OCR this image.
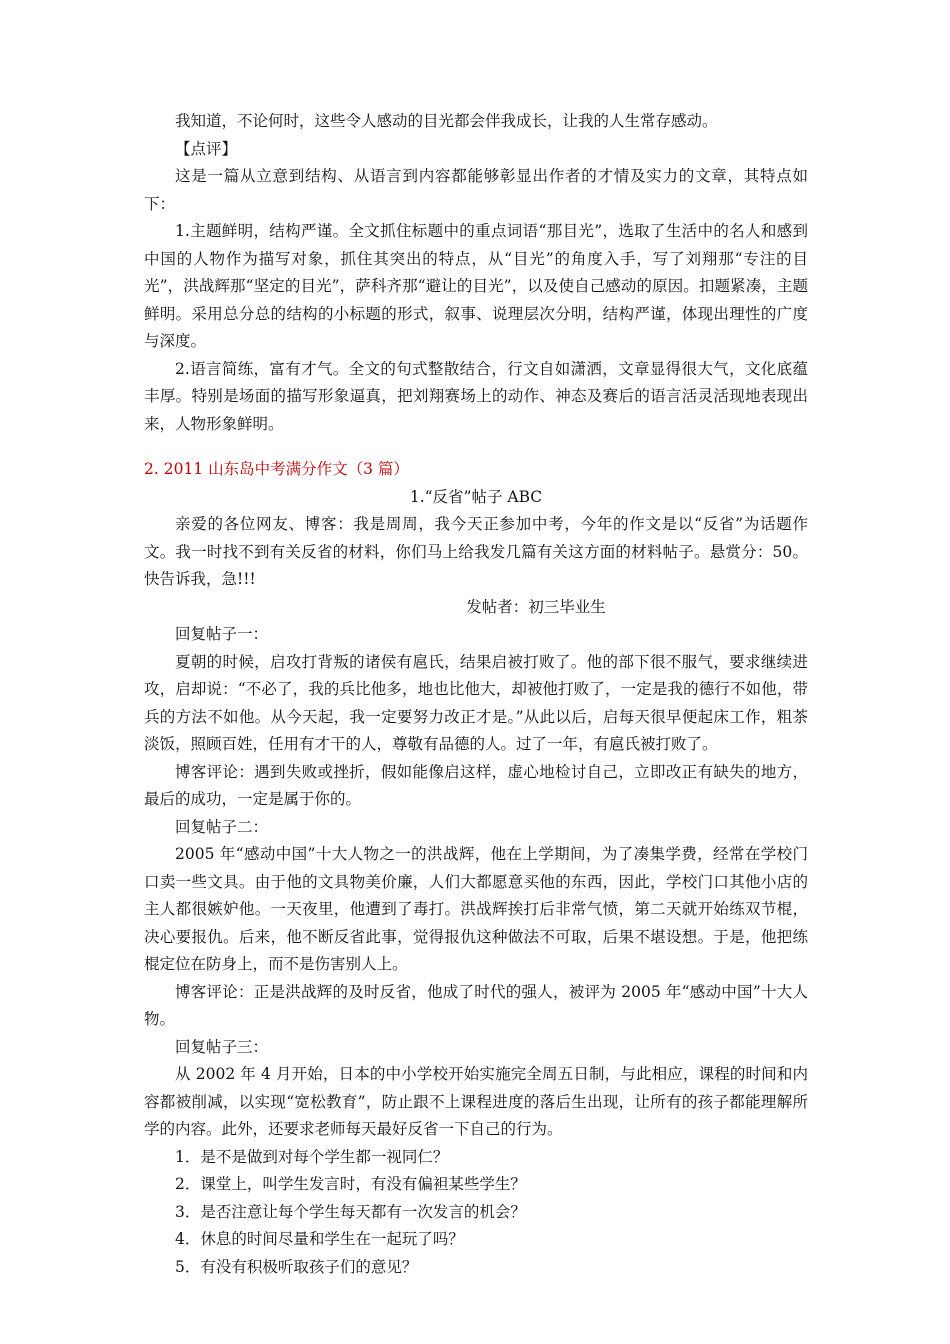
我知道，不论何时，这些令人感动的目光都会伴我成长，让我的人生常存感动。

【点评】

这是一篇从立意到结构、从语言到内容都能够彰显出作者的才情及实力的文章，其特点如下：

1.主题鲜明，结构严谨。全文抓住标题中的重点词语“那目光”，选取了生活中的名人和感到中国的人物作为描写对象，抓住其突出的特点，从“目光”的角度入手，写了刘翔那“专注的目光”，洪战辉那“坚定的目光”，萨科齐那“避让的目光”，以及使自己感动的原因。扣题紧凑，主题鲜明。采用总分总的结构的小标题的形式，叙事、说理层次分明，结构严谨，体现出理性的广度与深度。

2.语言简练，富有才气。全文的句式整散结合，行文自如潇洒，文章显得很大气，文化底蕴丰厚。特别是场面的描写形象逼真，把刘翔赛场上的动作、神态及赛后的语言活灵活现地表现出来，人物形象鲜明。

2. 2011 山东岛中考满分作文（3 篇）

1.“反省”帖子 ABC

亲爱的各位网友、博客：我是周周，我今天正参加中考，今年的作文是以“反省”为话题作文。我一时找不到有关反省的材料，你们马上给我发几篇有关这方面的材料帖子。悬赏分：50。快告诉我，急!!!

发帖者：初三毕业生

回复帖子一：

夏朝的时候，启攻打背叛的诸侯有扈氏，结果启被打败了。他的部下很不服气，要求继续进攻，启却说：“不必了，我的兵比他多，地也比他大，却被他打败了，一定是我的德行不如他，带兵的方法不如他。从今天起，我一定要努力改正才是。”从此以后，启每天很早便起床工作，粗茶淡饭，照顾百姓，任用有才干的人，尊敬有品德的人。过了一年，有扈氏被打败了。

博客评论：遇到失败或挫折，假如能像启这样，虚心地检讨自己，立即改正有缺失的地方，最后的成功，一定是属于你的。

回复帖子二：

2005 年“感动中国”十大人物之一的洪战辉，他在上学期间，为了凑集学费，经常在学校门口卖一些文具。由于他的文具物美价廉，人们大都愿意买他的东西，因此，学校门口其他小店的主人都很嫉妒他。一天夜里，他遭到了毒打。洪战辉挨打后非常气愤，第二天就开始练双节棍，决心要报仇。后来，他不断反省此事，觉得报仇这种做法不可取，后果不堪设想。于是，他把练棍定位在防身上，而不是伤害别人上。

博客评论：正是洪战辉的及时反省，他成了时代的强人，被评为 2005 年“感动中国”十大人物。

回复帖子三：

从 2002 年 4 月开始，日本的中小学校开始实施完全周五日制，与此相应，课程的时间和内容都被削减，以实现“宽松教育”，防止跟不上课程进度的落后生出现，让所有的孩子都能理解所学的内容。此外，还要求老师每天最好反省一下自己的行为。

1．是不是做到对每个学生都一视同仁？

2．课堂上，叫学生发言时，有没有偏袒某些学生？

3．是否注意让每个学生每天都有一次发言的机会？

4．休息的时间尽量和学生在一起玩了吗？

5．有没有积极听取孩子们的意见？
